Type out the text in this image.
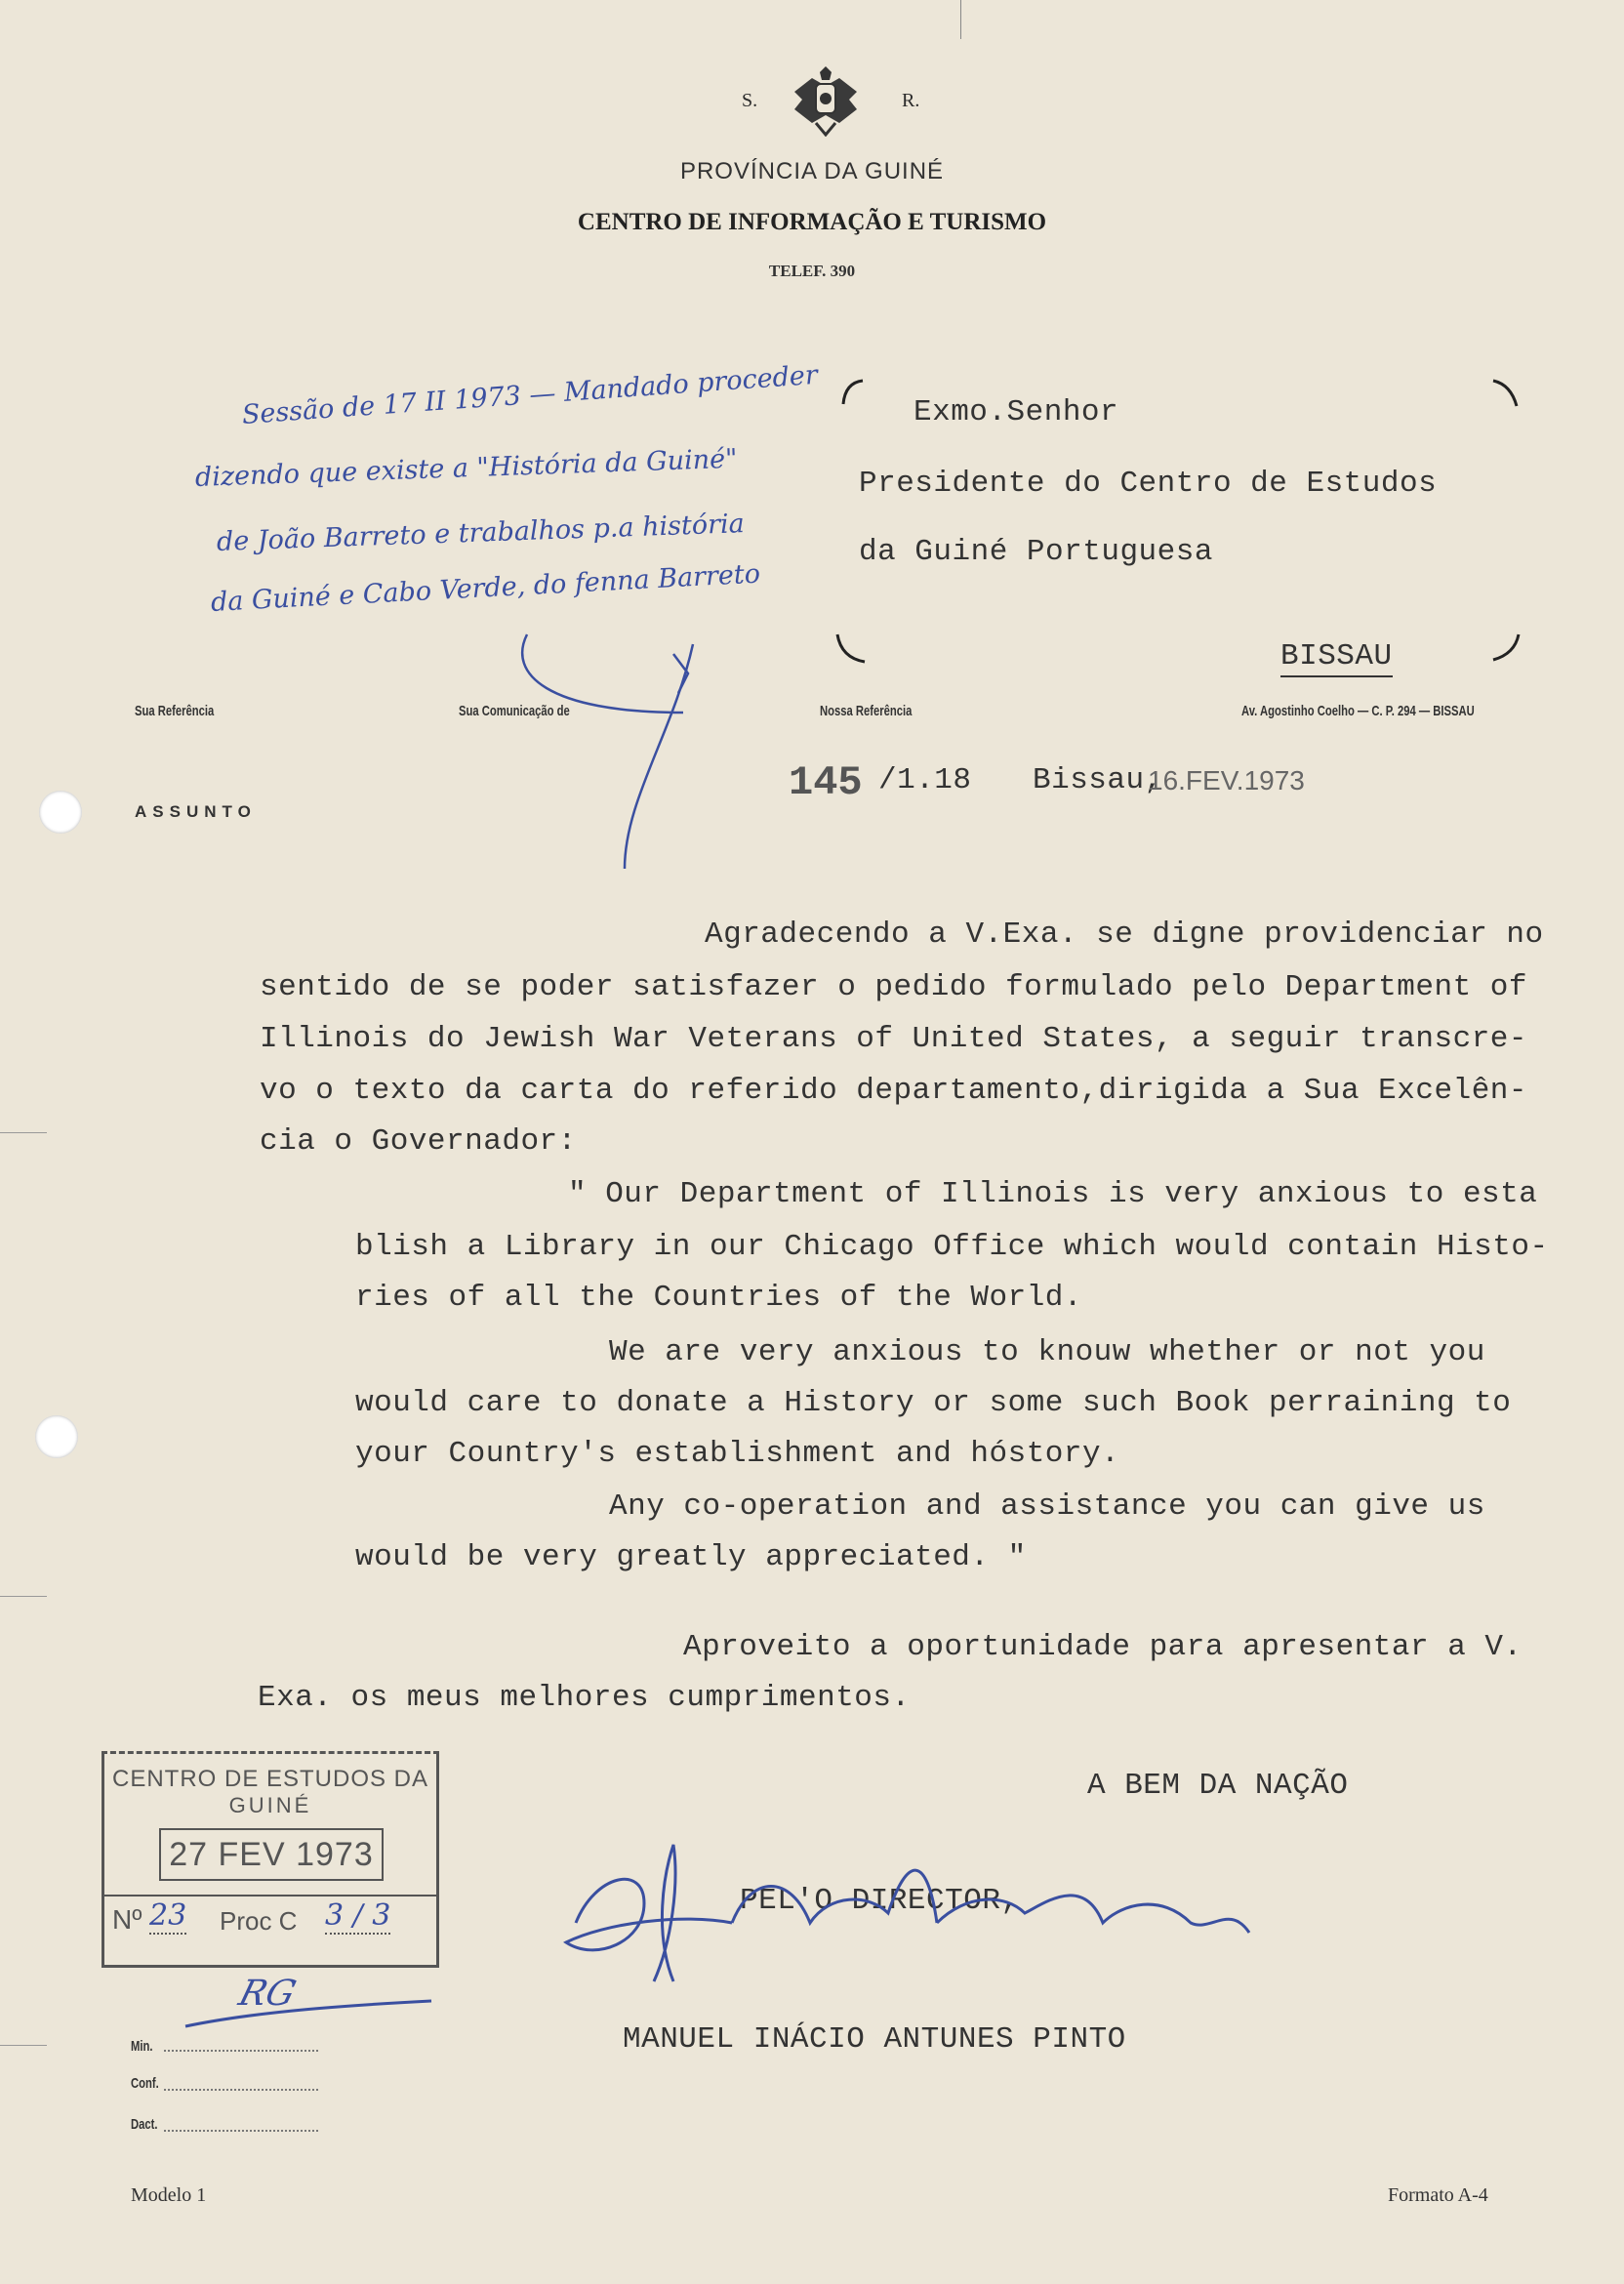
S.	R.
PROVÍNCIA DA GUINÉ
CENTRO DE INFORMAÇÃO E TURISMO
TELEF. 390
Sessão de 17 II 1973 — Mandado proceder
dizendo que existe a "História da Guiné"
de João Barreto e trabalhos p.a história
da Guiné e Cabo Verde, do fenna Barreto
Exmo.Senhor
Presidente do Centro de Estudos
da Guiné Portuguesa
BISSAU
Sua Referência	Sua Comunicação de	Nossa Referência	Av. Agostinho Coelho — C. P. 294 — BISSAU
145 /1.18 Bissau,
16.FEV.1973
ASSUNTO
Agradecendo a V.Exa. se digne providenciar no
sentido de se poder satisfazer o pedido formulado pelo Department of
Illinois do Jewish War Veterans of United States, a seguir transcre-
vo o texto da carta do referido departamento,dirigida a Sua Excelên-
cia o Governador:
" Our Department of Illinois is very anxious to esta
blish a Library in our Chicago Office which would contain Histo-
ries of all the Countries of the World.
We are very anxious to knouw whether or not you
would care to donate a History or some such Book perraining to
your Country's establishment and hóstory.
Any co-operation and assistance you can give us
would be very greatly appreciated. "
Aproveito a oportunidade para apresentar a V.
Exa. os meus melhores cumprimentos.
A BEM DA NAÇÃO
CENTRO DE ESTUDOS DA
GUINÉ
27 FEV 1973
Nº 23 Proc C 3 / 3
RG
PEL'O DIRECTOR,
MANUEL INÁCIO ANTUNES PINTO
Min.
Conf.
Dact.
Modelo 1	Formato A-4
